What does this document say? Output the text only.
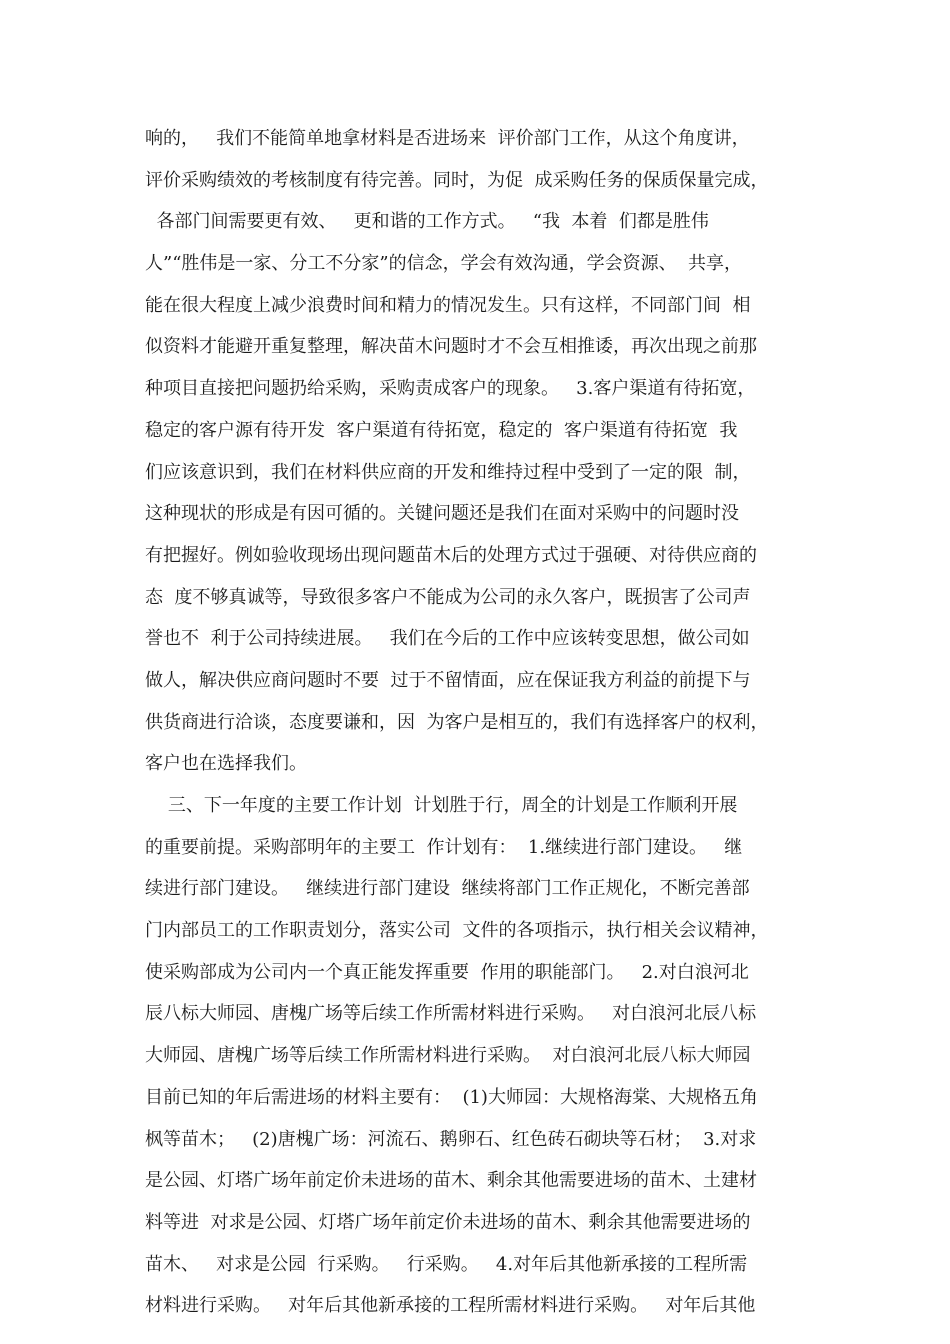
响的，   我们不能简单地拿材料是否进场来  评价部门工作，从这个角度讲，
评价采购绩效的考核制度有待完善。同时，为促  成采购任务的保质保量完成，
各部门间需要更有效、   更和谐的工作方式。   “我  本着  们都是胜伟
人”“胜伟是一家、分工不分家”的信念，学会有效沟通，学会资源、  共享，
能在很大程度上减少浪费时间和精力的情况发生。只有这样，不同部门间  相
似资料才能避开重复整理，解决苗木问题时才不会互相推诿，再次出现之前那
种项目直接把问题扔给采购，采购责成客户的现象。   3.客户渠道有待拓宽，
稳定的客户源有待开发  客户渠道有待拓宽，稳定的  客户渠道有待拓宽  我
们应该意识到，我们在材料供应商的开发和维持过程中受到了一定的限  制，
这种现状的形成是有因可循的。关键问题还是我们在面对采购中的问题时没
有把握好。例如验收现场出现问题苗木后的处理方式过于强硬、对待供应商的
态  度不够真诚等，导致很多客户不能成为公司的永久客户，既损害了公司声
誉也不  利于公司持续进展。   我们在今后的工作中应该转变思想，做公司如
做人，解决供应商问题时不要  过于不留情面，应在保证我方利益的前提下与
供货商进行洽谈，态度要谦和，因  为客户是相互的，我们有选择客户的权利，
客户也在选择我们。
三、下一年度的主要工作计划  计划胜于行，周全的计划是工作顺利开展
的重要前提。采购部明年的主要工  作计划有：  1.继续进行部门建设。   继
续进行部门建设。   继续进行部门建设  继续将部门工作正规化，不断完善部
门内部员工的工作职责划分，落实公司  文件的各项指示，执行相关会议精神，
使采购部成为公司内一个真正能发挥重要  作用的职能部门。   2.对白浪河北
辰八标大师园、唐槐广场等后续工作所需材料进行采购。   对白浪河北辰八标
大师园、唐槐广场等后续工作所需材料进行采购。  对白浪河北辰八标大师园
目前已知的年后需进场的材料主要有：  (1)大师园：大规格海棠、大规格五角
枫等苗木；   (2)唐槐广场：河流石、鹅卵石、红色砖石砌块等石材；  3.对求
是公园、灯塔广场年前定价未进场的苗木、剩余其他需要进场的苗木、土建材
料等进  对求是公园、灯塔广场年前定价未进场的苗木、剩余其他需要进场的
苗木、   对求是公园  行采购。   行采购。   4.对年后其他新承接的工程所需
材料进行采购。   对年后其他新承接的工程所需材料进行采购。   对年后其他
